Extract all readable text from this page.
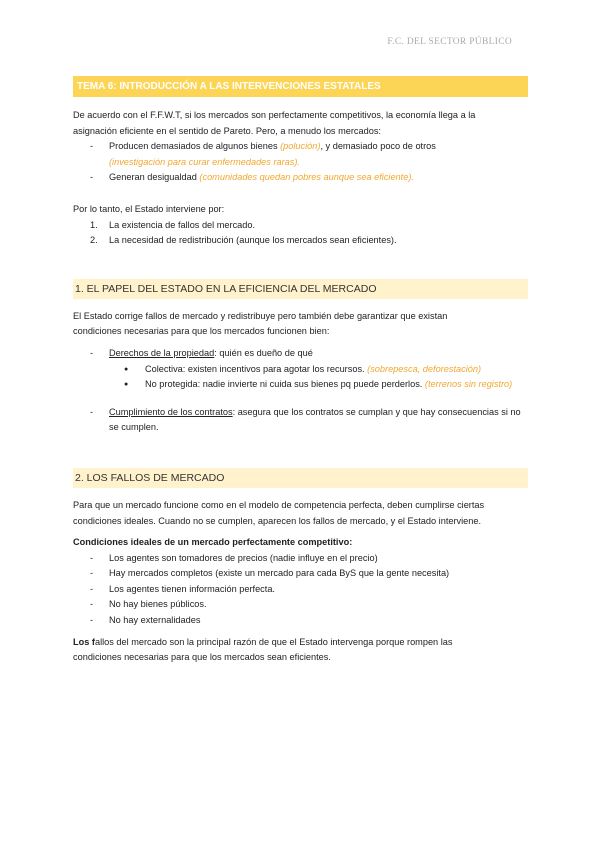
F.C. DEL SECTOR PÚBLICO
TEMA 6: INTRODUCCIÓN A LAS INTERVENCIONES ESTATALES
De acuerdo con el F.F.W.T, si los mercados son perfectamente competitivos, la economía llega a la
asignación eficiente en el sentido de Pareto. Pero, a menudo los mercados:
- Producen demasiados de algunos bienes (polución), y demasiado poco de otros
(investigación para curar enfermedades raras).
- Generan desigualdad (comunidades quedan pobres aunque sea eficiente).
Por lo tanto, el Estado interviene por:
1. La existencia de fallos del mercado.
2. La necesidad de redistribución (aunque los mercados sean eficientes).
1. EL PAPEL DEL ESTADO EN LA EFICIENCIA DEL MERCADO
El Estado corrige fallos de mercado y redistribuye pero también debe garantizar que existan
condiciones necesarias para que los mercados funcionen bien:
- Derechos de la propiedad: quién es dueño de qué
● Colectiva: existen incentivos para agotar los recursos. (sobrepesca, deforestación)
● No protegida: nadie invierte ni cuida sus bienes pq puede perderlos. (terrenos sin registro)
- Cumplimiento de los contratos: asegura que los contratos se cumplan y que hay consecuencias si no se cumplen.
2. LOS FALLOS DE MERCADO
Para que un mercado funcione como en el modelo de competencia perfecta, deben cumplirse ciertas
condiciones ideales. Cuando no se cumplen, aparecen los fallos de mercado, y el Estado interviene.
Condiciones ideales de un mercado perfectamente competitivo:
- Los agentes son tomadores de precios (nadie influye en el precio)
- Hay mercados completos (existe un mercado para cada ByS que la gente necesita)
- Los agentes tienen información perfecta.
- No hay bienes públicos.
- No hay externalidades
Los fallos del mercado son la principal razón de que el Estado intervenga porque rompen las
condiciones necesarias para que los mercados sean eficientes.
